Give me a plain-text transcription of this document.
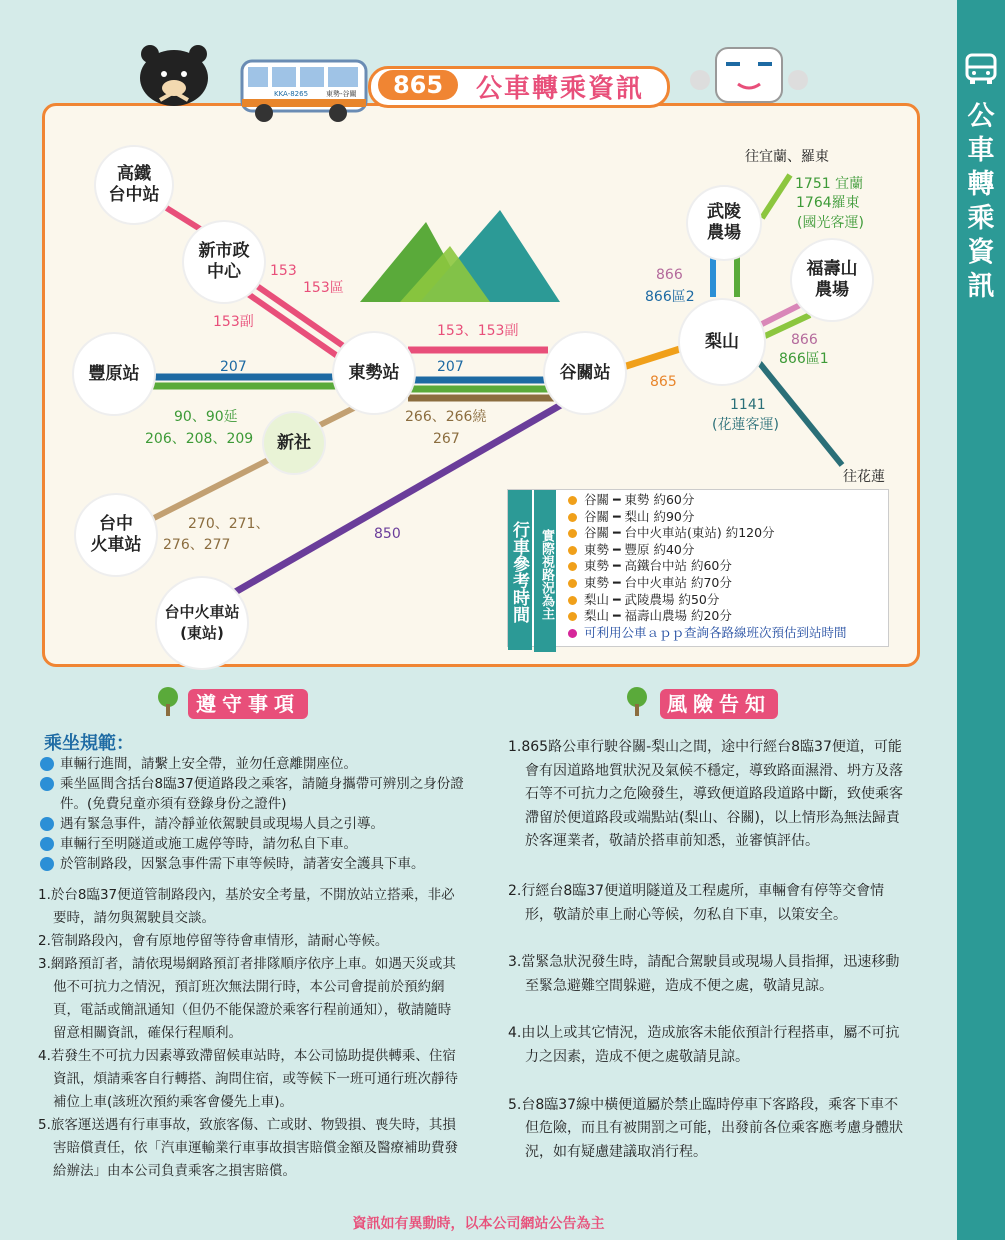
公
車
轉
乘
資
訊
KKA-8265	東勢-谷關	865	公車轉乘資訊
高鐵
台中站
新市政
中心
豐原站	東勢站	谷關站
梨山
武陵
農場
福壽山
農場
新社
台中
火車站
台中火車站
(東站)
153
153區
153副
207	207
90、90延
206、208、209
153、153副
266、266繞
267
270、271、
276、277
850
865
866
866區2
866
866區1
1141
(花蓮客運)
1751 宜蘭
1764羅東
(國光客運)
往宜蘭、羅東
往花蓮
行車參考時間 實際視路況為主
谷關 ━ 東勢 約60分
谷關 ━ 梨山 約90分
谷關 ━ 台中火車站(東站) 約120分
東勢 ━ 豐原 約40分
東勢 ━ 高鐵台中站 約60分
東勢 ━ 台中火車站 約70分
梨山 ━ 武陵農場 約50分
梨山 ━ 福壽山農場 約20分
可利用公車ａｐｐ查詢各路線班次預估到站時間
遵守事項	風險告知
乘坐規範：
車輛行進間，請繫上安全帶，並勿任意離開座位。
乘坐區間含括台8臨37便道路段之乘客，請隨身攜帶可辨別之身份證件。(免費兒童亦須有登錄身份之證件)
遇有緊急事件，請冷靜並依駕駛員或現場人員之引導。
車輛行至明隧道或施工處停等時，請勿私自下車。
於管制路段，因緊急事件需下車等候時，請著安全護具下車。
1.於台8臨37便道管制路段內，基於安全考量，不開放站立搭乘，非必要時，請勿與駕駛員交談。
2.管制路段內，會有原地停留等待會車情形，請耐心等候。
3.網路預訂者，請依現場網路預訂者排隊順序依序上車。如遇天災或其他不可抗力之情況，預訂班次無法開行時，本公司會提前於預約網頁，電話或簡訊通知（但仍不能保證於乘客行程前通知），敬請隨時留意相關資訊，確保行程順利。
4.若發生不可抗力因素導致滯留候車站時，本公司協助提供轉乘、住宿資訊，煩請乘客自行轉搭、詢問住宿，或等候下一班可通行班次靜待補位上車(該班次預約乘客會優先上車)。
5.旅客運送遇有行車事故，致旅客傷、亡或財、物毀損、喪失時，其損害賠償責任，依「汽車運輸業行車事故損害賠償金額及醫療補助費發給辦法」由本公司負責乘客之損害賠償。
1.865路公車行駛谷關-梨山之間，途中行經台8臨37便道，可能會有因道路地質狀況及氣候不穩定，導致路面濕滑、坍方及落石等不可抗力之危險發生，導致便道路段道路中斷，致使乘客滯留於便道路段或端點站(梨山、谷關)，以上情形為無法歸責於客運業者，敬請於搭車前知悉，並審慎評估。
2.行經台8臨37便道明隧道及工程處所，車輛會有停等交會情形，敬請於車上耐心等候，勿私自下車，以策安全。
3.當緊急狀況發生時，請配合駕駛員或現場人員指揮，迅速移動至緊急避難空間躲避，造成不便之處，敬請見諒。
4.由以上或其它情況，造成旅客未能依預計行程搭車，屬不可抗力之因素，造成不便之處敬請見諒。
5.台8臨37線中橫便道屬於禁止臨時停車下客路段，乘客下車不但危險，而且有被開罰之可能，出發前各位乘客應考慮身體狀況，如有疑慮建議取消行程。
資訊如有異動時，以本公司網站公告為主
